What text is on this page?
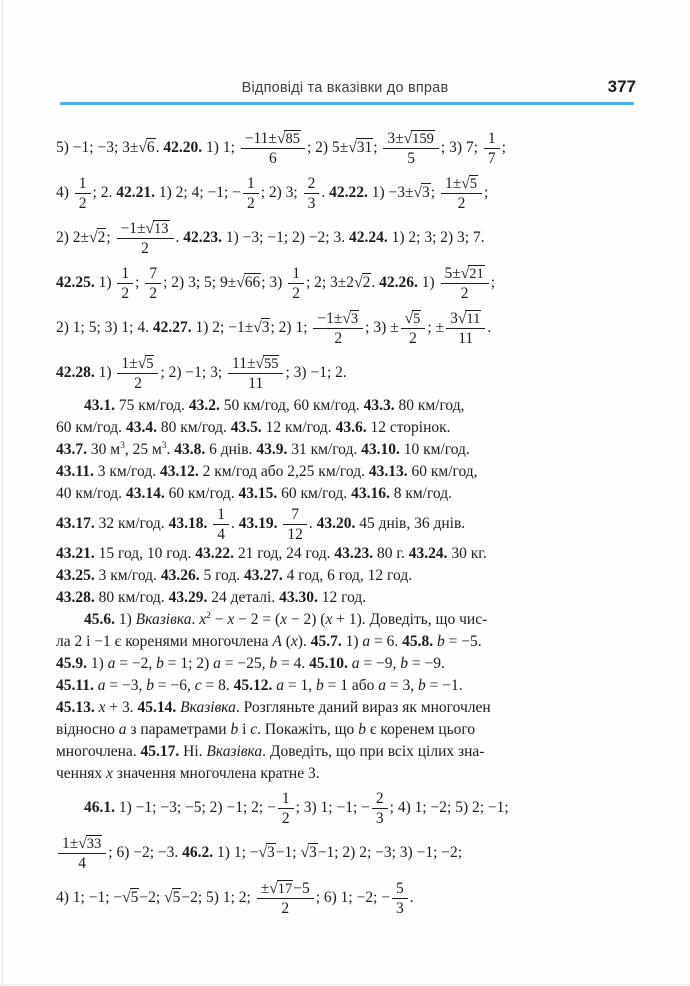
Відповіді та вказівки до вправ	377
5) −1; −3; 3±√6. 42.20. 1) 1; $\frac{-11\pm√85}{6}$ ; 2) 5±√31; $\frac{3\pm√159}{5}$ ; 3) 7; $\frac{1}{7}$ ;
$4) \frac{1}{2}$ ; 2. 42.21. 1) 2; 4; −1; − $\frac{1}{2}$ ; 2) 3; $\frac{2}{3}$ . 42.22. 1) −3±√3; $\frac{1\pm√5}{2}$ ;
2) 2±√2; $\frac{-1\pm√13}{2}$ . 42.23. 1) −3; −1; 2) −2; 3. 42.24. 1) 2; 3; 2) 3; 7.
42.25. $1) \frac{1}{2}$ ; $\frac{7}{2}$ ; 2) 3; 5; 9±√66; $3) \frac{1}{2}$ ; 2; 3±2√2. 42.26. $1) \frac{5\pm√21}{2}$ ;
2) 1; 5; 3) 1; 4. 42.27. 1) 2; −1±√3; 2) 1; $\frac{-1\pm√3}{2}$ ; $3) \pm \frac{√5}{2}$ ; ± $\frac{3√11}{11}$ .
42.28. $1) \frac{1\pm√5}{2}$ ; 2) −1; 3; $\frac{11\pm√55}{11}$ ; 3) −1; 2.
43.1. 75 км/год. 43.2. 50 км/год, 60 км/год. 43.3. 80 км/год,
60 км/год. 43.4. 80 км/год. 43.5. 12 км/год. 43.6. 12 сторінок.
43.7. 30 $м^3$, 25 $м^3$. 43.8. 6 днів. 43.9. 31 км/год. 43.10. 10 км/год.
43.11. 3 км/год. 43.12. 2 км/год або 2,25 км/год. 43.13. 60 км/год,
40 км/год. 43.14. 60 км/год. 43.15. 60 км/год. 43.16. 8 км/год.
43.17. 32 км/год. 43.18. $\frac{1}{4}$ . 43.19. $\frac{7}{12}$ . 43.20. 45 днів, 36 днів.
43.21. 15 год, 10 год. 43.22. 21 год, 24 год. 43.23. 80 г. 43.24. 30 кг.
43.25. 3 км/год. 43.26. 5 год. 43.27. 4 год, 6 год, 12 год.
43.28. 80 км/год. 43.29. 24 деталі. 43.30. 12 год.
45.6. 1) Вказівка. $x^2 - x - 2 = (x - 2) (x + 1)$. Доведіть, що чис-
ла 2 і −1 є коренями многочлена A (x). 45.7. 1) a = 6. 45.8. b = −5.
45.9. 1) a = −2, b = 1; 2) a = −25, b = 4. 45.10. a = −9, b = −9.
45.11. a = −3, b = −6, c = 8. 45.12. a = 1, b = 1 або a = 3, b = −1.
45.13. x + 3. 45.14. Вказівка. Розгляньте даний вираз як многочлен
відносно a з параметрами b і c. Покажіть, що b є коренем цього
многочлена. 45.17. Ні. Вказівка. Доведіть, що при всіх цілих зна-
ченнях x значення многочлена кратне 3.
46.1. 1) −1; −3; −5; 2) −1; 2; − $\frac{1}{2}$ ; 3) 1; −1; − $\frac{2}{3}$ ; 4) 1; −2; 5) 2; −1;
$\frac{1\pm√33}{4}$ ; 6) −2; −3. 46.2. 1) 1; −√3−1; √3−1; 2) 2; −3; 3) −1; −2;
4) 1; −1; −√5−2; √5−2; 5) 1; 2; $\frac{\pm√17-5}{2}$ ; 6) 1; −2; − $\frac{5}{3}$ .
